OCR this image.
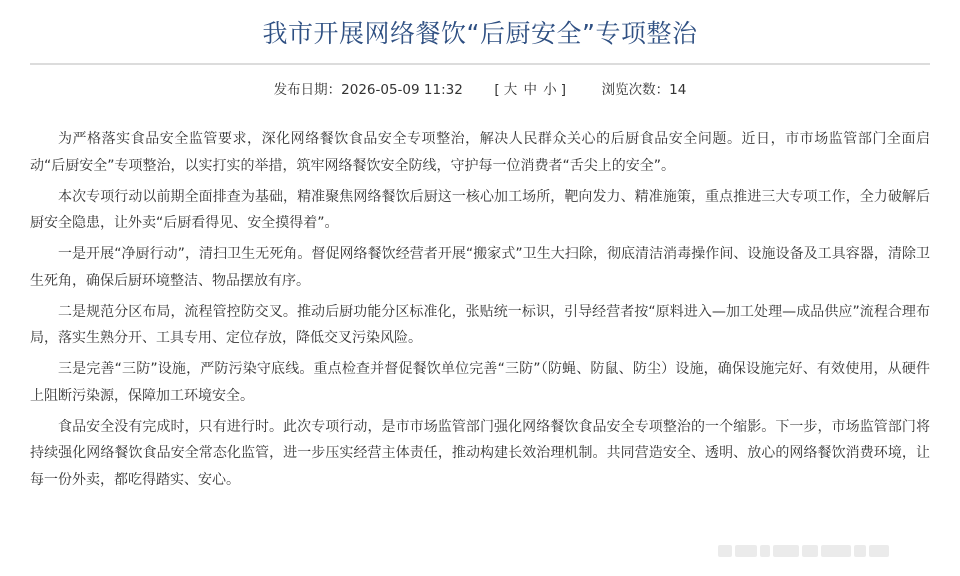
我市开展网络餐饮“后厨安全”专项整治
发布日期：2026-05-09 11:32 [ 大 中 小 ]	浏览次数：14

为严格落实食品安全监管要求，深化网络餐饮食品安全专项整治，解决人民群众关心的后厨食品安全问题。近日，市市场监管部门全面启动“后厨安全”专项整治，以实打实的举措，筑牢网络餐饮安全防线，守护每一位消费者“舌尖上的安全”。

本次专项行动以前期全面排查为基础，精准聚焦网络餐饮后厨这一核心加工场所，靶向发力、精准施策，重点推进三大专项工作，全力破解后厨安全隐患，让外卖“后厨看得见、安全摸得着”。

一是开展“净厨行动”，清扫卫生无死角。督促网络餐饮经营者开展“搬家式”卫生大扫除，彻底清洁消毒操作间、设施设备及工具容器，清除卫生死角，确保后厨环境整洁、物品摆放有序。

二是规范分区布局，流程管控防交叉。推动后厨功能分区标准化，张贴统一标识，引导经营者按“原料进入—加工处理—成品供应”流程合理布局，落实生熟分开、工具专用、定位存放，降低交叉污染风险。

三是完善“三防”设施，严防污染守底线。重点检查并督促餐饮单位完善“三防”（防蝇、防鼠、防尘）设施，确保设施完好、有效使用，从硬件上阻断污染源，保障加工环境安全。

食品安全没有完成时，只有进行时。此次专项行动，是市市场监管部门强化网络餐饮食品安全专项整治的一个缩影。下一步，市场监管部门将持续强化网络餐饮食品安全常态化监管，进一步压实经营主体责任，推动构建长效治理机制。共同营造安全、透明、放心的网络餐饮消费环境，让每一份外卖，都吃得踏实、安心。
